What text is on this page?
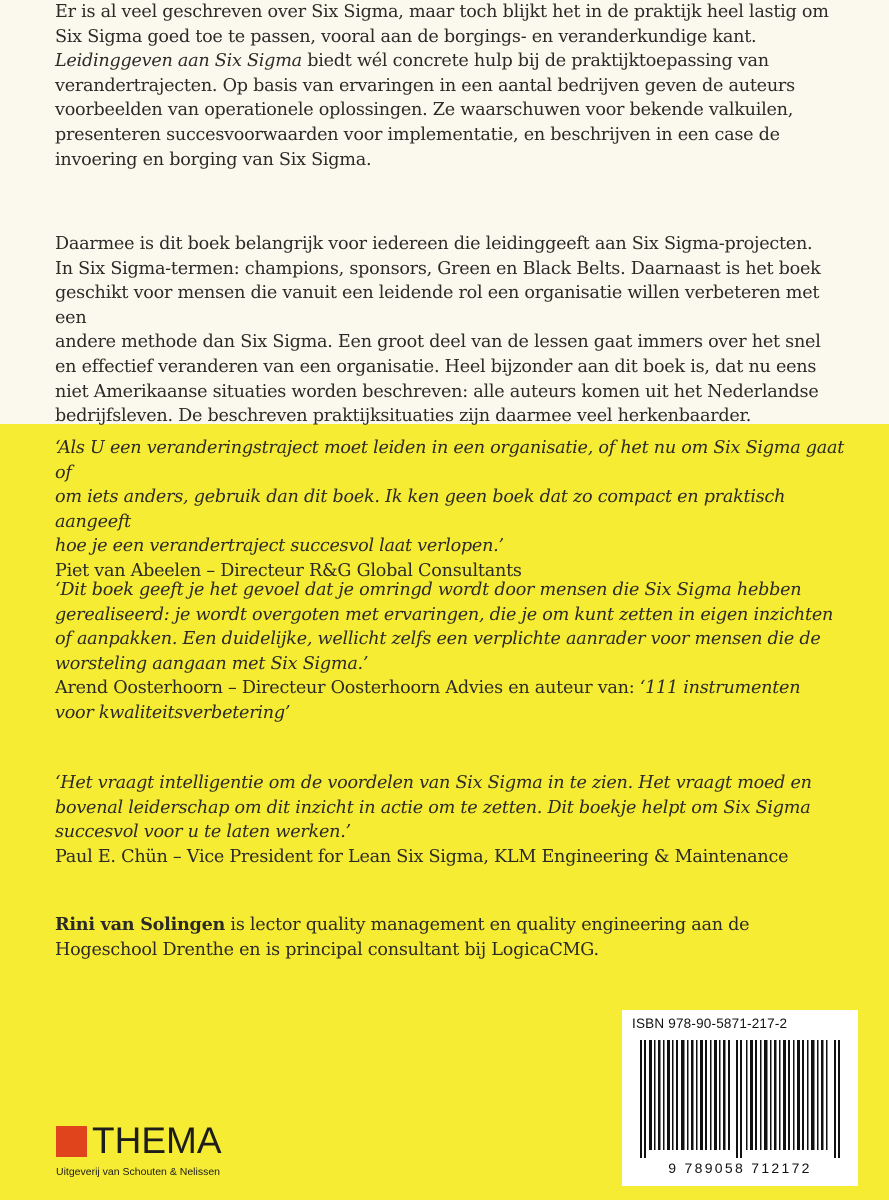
Er is al veel geschreven over Six Sigma, maar toch blijkt het in de praktijk heel lastig om

Six Sigma goed toe te passen, vooral aan de borgings- en veranderkundige kant.

Leidinggeven aan Six Sigma biedt wél concrete hulp bij de praktijktoepassing van

verandertrajecten. Op basis van ervaringen in een aantal bedrijven geven de auteurs

voorbeelden van operationele oplossingen. Ze waarschuwen voor bekende valkuilen,

presenteren succesvoorwaarden voor implementatie, en beschrijven in een case de

invoering en borging van Six Sigma.

Daarmee is dit boek belangrijk voor iedereen die leidinggeeft aan Six Sigma-projecten.

In Six Sigma-termen: champions, sponsors, Green en Black Belts. Daarnaast is het boek

geschikt voor mensen die vanuit een leidende rol een organisatie willen verbeteren met een

andere methode dan Six Sigma. Een groot deel van de lessen gaat immers over het snel

en effectief veranderen van een organisatie. Heel bijzonder aan dit boek is, dat nu eens

niet Amerikaanse situaties worden beschreven: alle auteurs komen uit het Nederlandse

bedrijfsleven. De beschreven praktijksituaties zijn daarmee veel herkenbaarder.

‘Als U een veranderingstraject moet leiden in een organisatie, of het nu om Six Sigma gaat of

om iets anders, gebruik dan dit boek. Ik ken geen boek dat zo compact en praktisch aangeeft

hoe je een verandertraject succesvol laat verlopen.’

Piet van Abeelen – Directeur R&G Global Consultants

‘Dit boek geeft je het gevoel dat je omringd wordt door mensen die Six Sigma hebben

gerealiseerd: je wordt overgoten met ervaringen, die je om kunt zetten in eigen inzichten

of aanpakken. Een duidelijke, wellicht zelfs een verplichte aanrader voor mensen die de

worsteling aangaan met Six Sigma.’

Arend Oosterhoorn – Directeur Oosterhoorn Advies en auteur van: ‘111 instrumenten

voor kwaliteitsverbetering’

‘Het vraagt intelligentie om de voordelen van Six Sigma in te zien. Het vraagt moed en

bovenal leiderschap om dit inzicht in actie om te zetten. Dit boekje helpt om Six Sigma

succesvol voor u te laten werken.’

Paul E. Chün – Vice President for Lean Six Sigma, KLM Engineering & Maintenance

Rini van Solingen is lector quality management en quality engineering aan de

Hogeschool Drenthe en is principal consultant bij LogicaCMG.

ISBN 978-90-5871-217-2
9 789058 712172
THEMA
Uitgeverij van Schouten & Nelissen
